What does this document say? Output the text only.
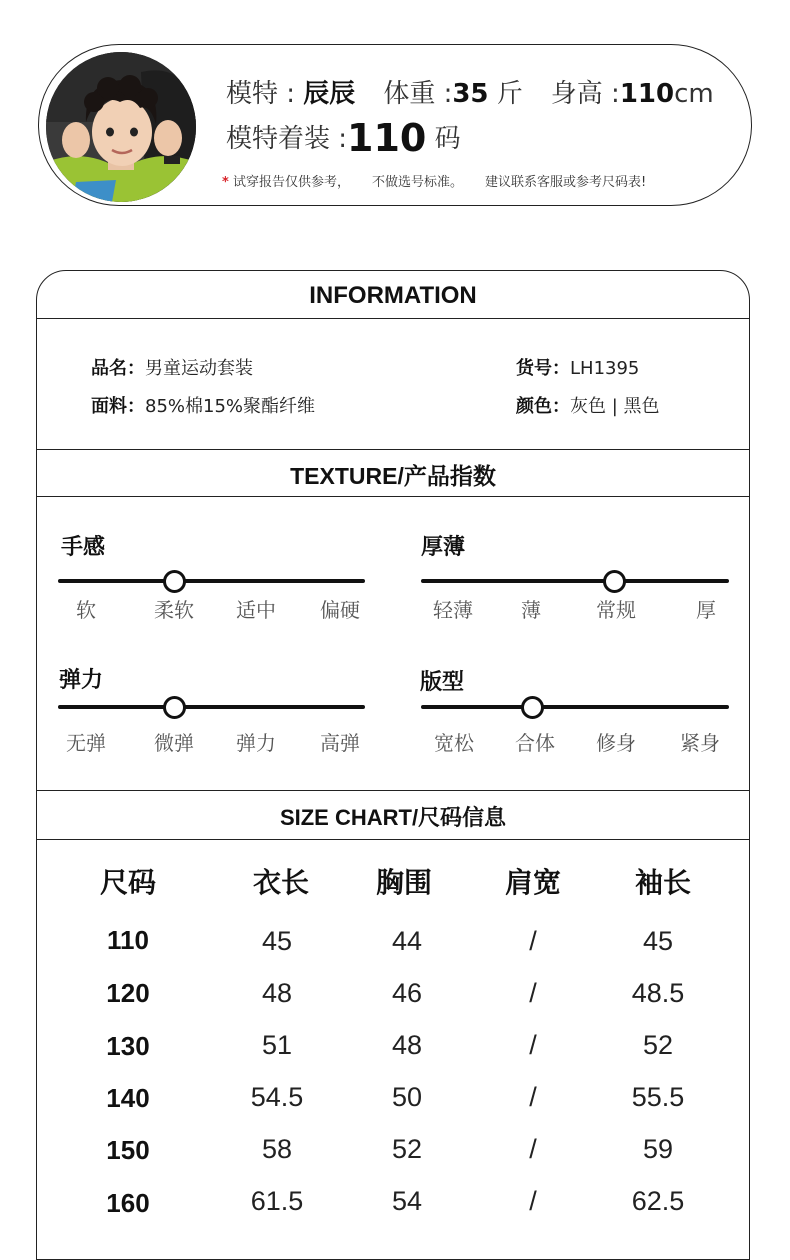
模特 : 辰辰 体重 :35 斤 身高 :110cm
模特着装 :110 码
* 试穿报告仅供参考， 不做选号标准。 建议联系客服或参考尺码表!
INFORMATION
品名：男童运动套装	货号：LH1395
面料：85%棉15%聚酯纤维	颜色：灰色 | 黑色
TEXTURE/产品指数
手感
软	柔软	适中	偏硬
厚薄
轻薄	薄	常规	厚
弹力
无弹	微弹	弹力	高弹
版型
宽松	合体	修身	紧身
SIZE CHART/尺码信息
尺码	衣长	胸围	肩宽	袖长
110	45	44	/	45
120	48	46	/	48.5
130	51	48	/	52
140	54.5	50	/	55.5
150	58	52	/	59
160	61.5	54	/	62.5
